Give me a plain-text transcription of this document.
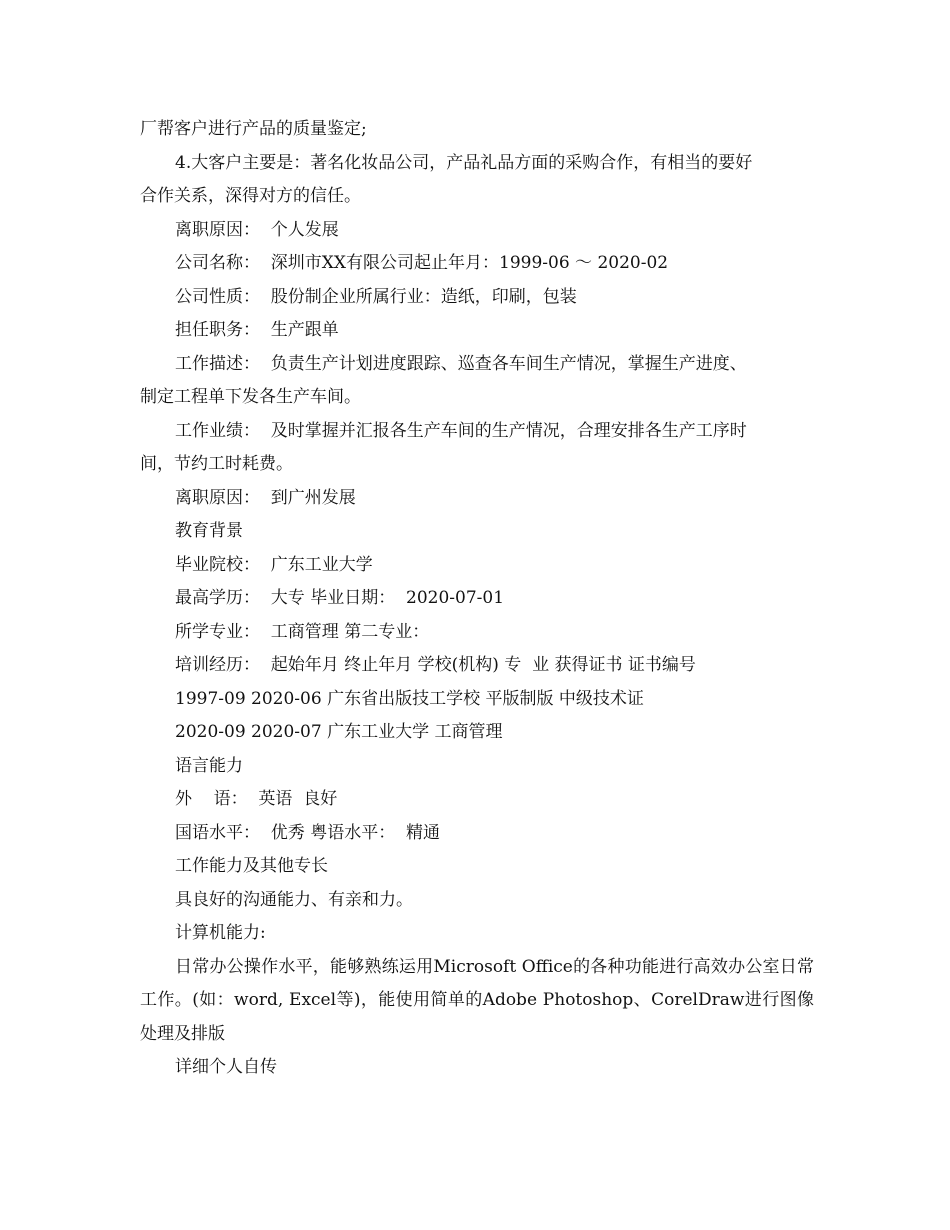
厂帮客户进行产品的质量鉴定;
4.大客户主要是：著名化妆品公司，产品礼品方面的采购合作，有相当的要好
合作关系，深得对方的信任。
离职原因：  个人发展
公司名称：  深圳市XX有限公司起止年月：1999-06 ～ 2020-02
公司性质：  股份制企业所属行业：造纸，印刷，包装
担任职务：  生产跟单
工作描述：  负责生产计划进度跟踪、巡查各车间生产情况，掌握生产进度、
制定工程单下发各生产车间。
工作业绩：  及时掌握并汇报各生产车间的生产情况，合理安排各生产工序时
间，节约工时耗费。
离职原因：  到广州发展
教育背景
毕业院校：  广东工业大学
最高学历：  大专 毕业日期：  2020-07-01
所学专业：  工商管理 第二专业：
培训经历：  起始年月 终止年月 学校(机构) 专  业 获得证书 证书编号
1997-09 2020-06 广东省出版技工学校 平版制版 中级技术证
2020-09 2020-07 广东工业大学 工商管理
语言能力
外    语：  英语  良好
国语水平：  优秀 粤语水平：  精通
工作能力及其他专长
具良好的沟通能力、有亲和力。
计算机能力:
日常办公操作水平，能够熟练运用Microsoft Office的各种功能进行高效办公室日常工作。(如：word, Excel等)，能使用简单的Adobe Photoshop、CorelDraw进行图像处理及排版
详细个人自传
